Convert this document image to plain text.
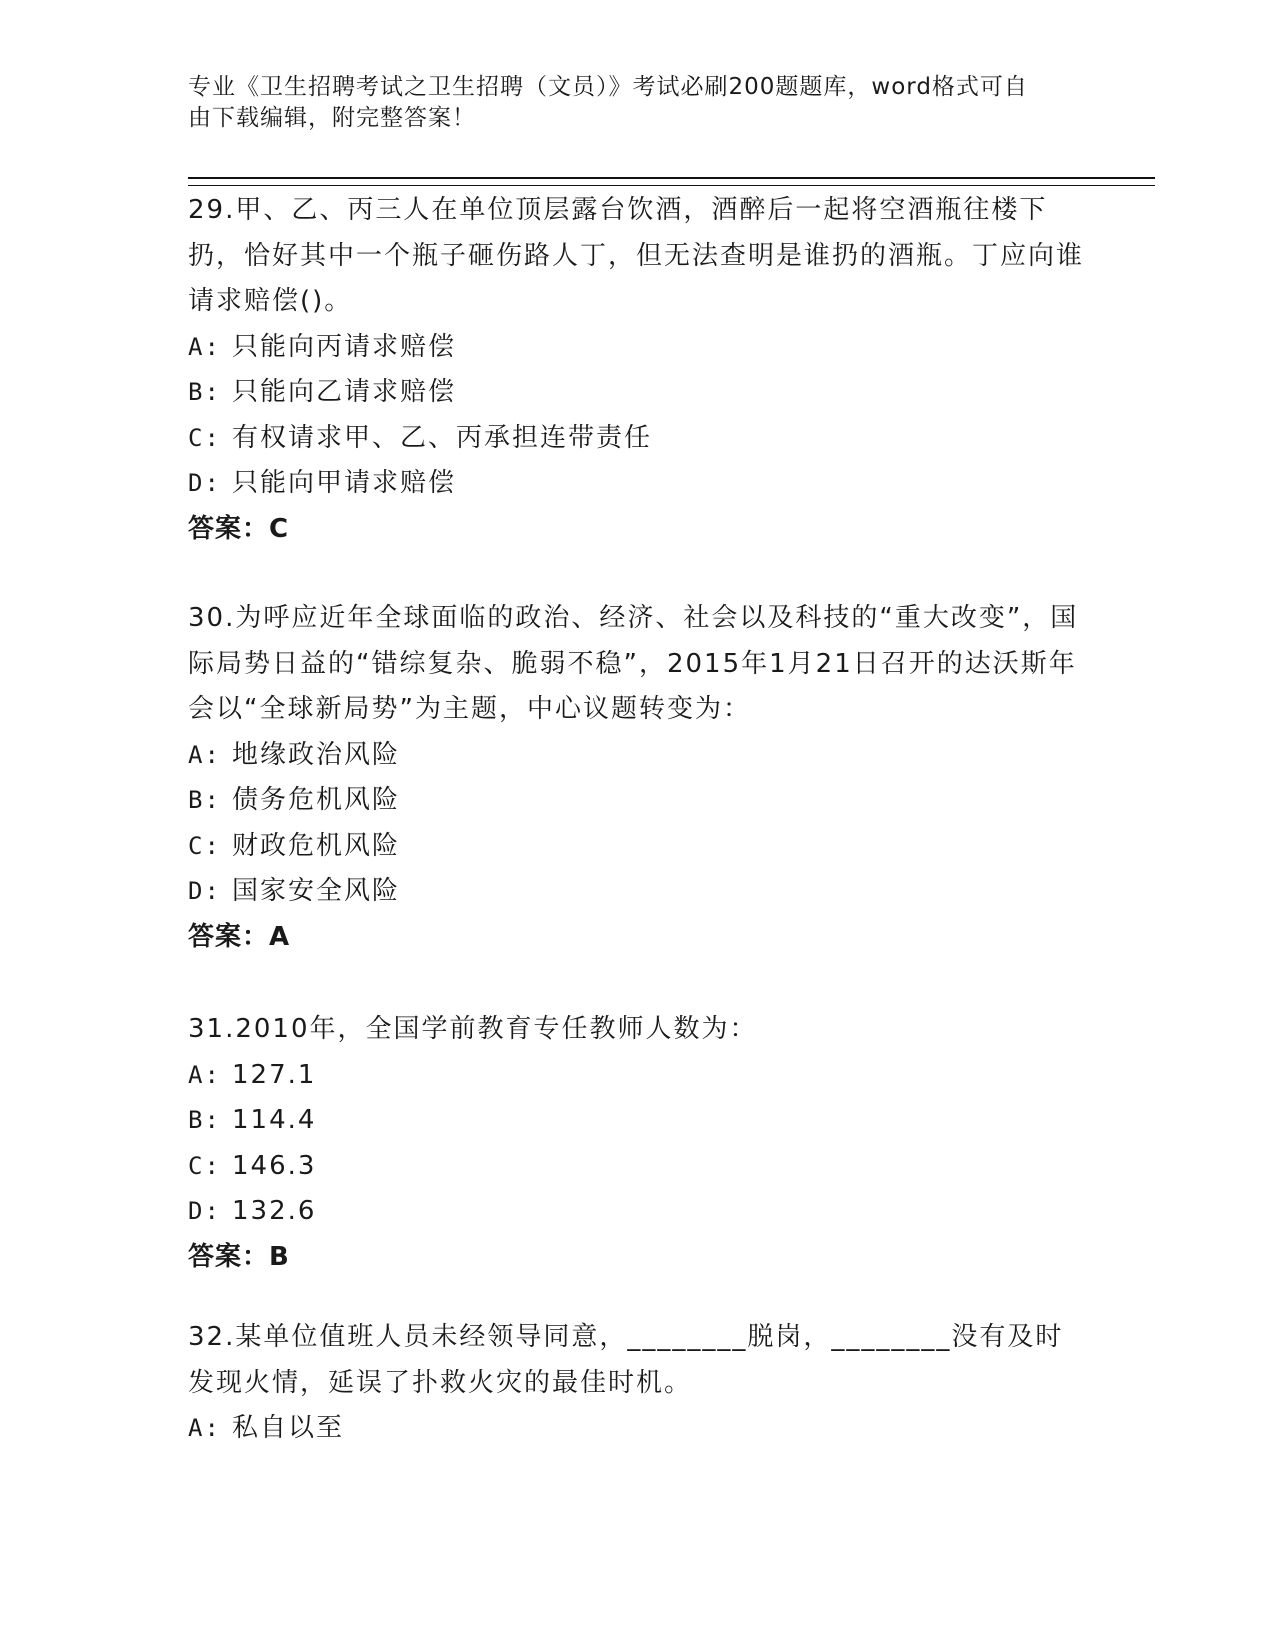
专业《卫生招聘考试之卫生招聘（文员）》考试必刷200题题库，word格式可自
由下载编辑，附完整答案！

29.甲、乙、丙三人在单位顶层露台饮酒，酒醉后一起将空酒瓶往楼下扔，恰好其中一个瓶子砸伤路人丁，但无法查明是谁扔的酒瓶。丁应向谁请求赔偿()。

A: 只能向丙请求赔偿
B: 只能向乙请求赔偿
C: 有权请求甲、乙、丙承担连带责任
D: 只能向甲请求赔偿

答案：C

30.为呼应近年全球面临的政治、经济、社会以及科技的“重大改变”，国际局势日益的“错综复杂、脆弱不稳”，2015年1月21日召开的达沃斯年会以“全球新局势”为主题，中心议题转变为：

A: 地缘政治风险
B: 债务危机风险
C: 财政危机风险
D: 国家安全风险

答案：A

31.2010年，全国学前教育专任教师人数为：

A: 127.1
B: 114.4
C: 146.3
D: 132.6

答案：B

32.某单位值班人员未经领导同意，________脱岗，________没有及时发现火情，延误了扑救火灾的最佳时机。

A: 私自以至
